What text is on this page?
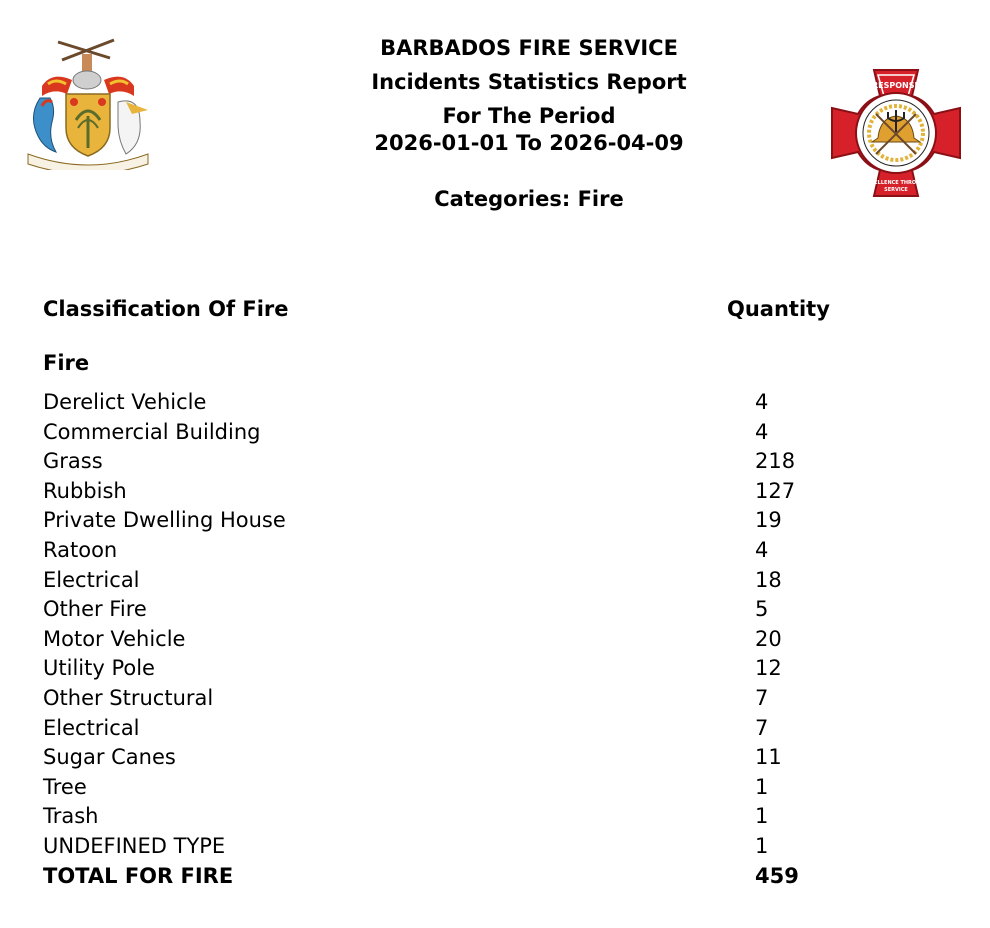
BARBADOS FIRE SERVICE
Incidents Statistics Report
For The Period
2026-01-01 To 2026-04-09
Categories: Fire
RESPONSE
EXCELLENCE THROUGH
SERVICE
Classification Of Fire	Quantity
Fire
Derelict Vehicle	4
Commercial Building	4
Grass	218
Rubbish	127
Private Dwelling House	19
Ratoon	4
Electrical	18
Other Fire	5
Motor Vehicle	20
Utility Pole	12
Other Structural	7
Electrical	7
Sugar Canes	11
Tree	1
Trash	1
UNDEFINED TYPE	1
TOTAL FOR FIRE	459
